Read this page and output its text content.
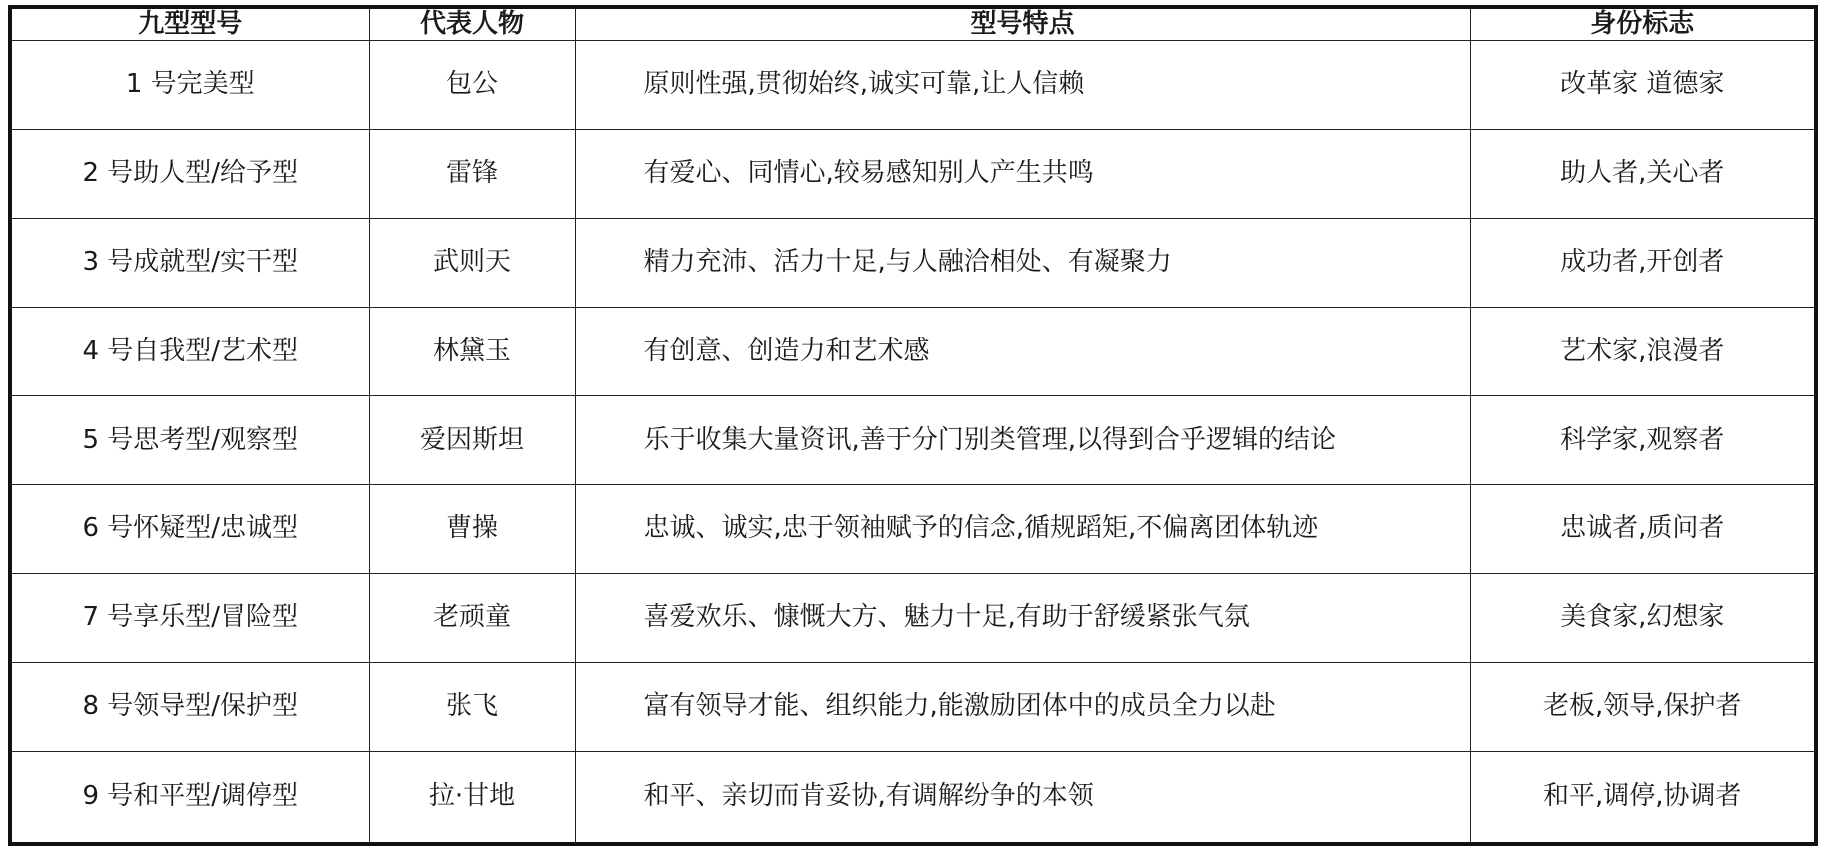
九型型号	代表人物	型号特点	身份标志
1 号完美型	包公	原则性强,贯彻始终,诚实可靠,让人信赖	改革家 道德家
2 号助人型/给予型	雷锋	有爱心、同情心,较易感知别人产生共鸣	助人者,关心者
3 号成就型/实干型	武则天	精力充沛、活力十足,与人融洽相处、有凝聚力	成功者,开创者
4 号自我型/艺术型	林黛玉	有创意、创造力和艺术感	艺术家,浪漫者
5 号思考型/观察型	爱因斯坦	乐于收集大量资讯,善于分门别类管理,以得到合乎逻辑的结论	科学家,观察者
6 号怀疑型/忠诚型	曹操	忠诚、诚实,忠于领袖赋予的信念,循规蹈矩,不偏离团体轨迹	忠诚者,质问者
7 号享乐型/冒险型	老顽童	喜爱欢乐、慷慨大方、魅力十足,有助于舒缓紧张气氛	美食家,幻想家
8 号领导型/保护型	张飞	富有领导才能、组织能力,能激励团体中的成员全力以赴	老板,领导,保护者
9 号和平型/调停型	拉·甘地	和平、亲切而肯妥协,有调解纷争的本领	和平,调停,协调者
